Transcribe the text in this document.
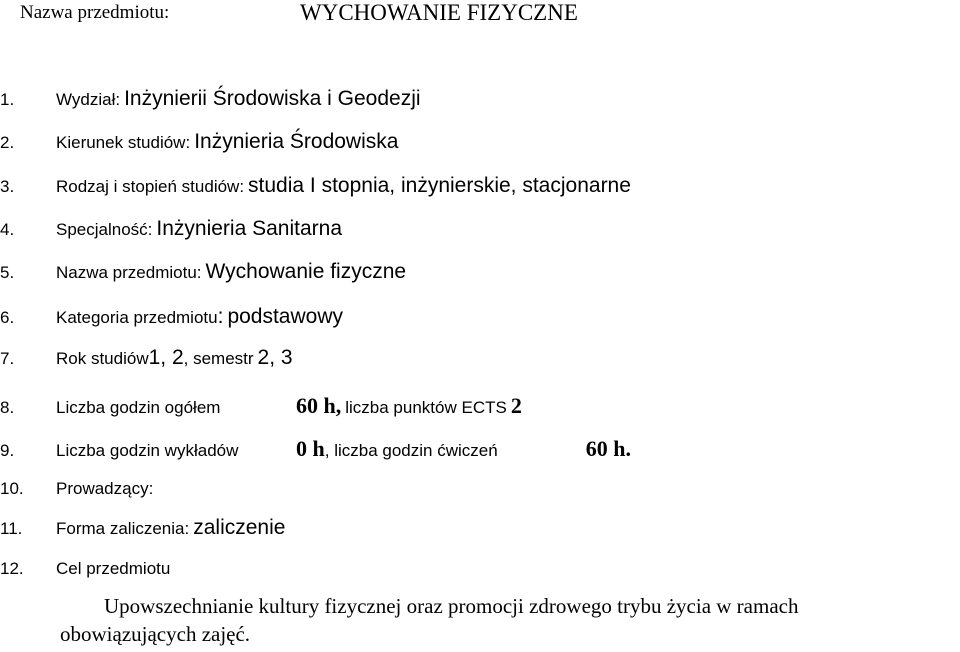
Nazwa przedmiotu:	WYCHOWANIE FIZYCZNE
1. Wydział: Inżynierii Środowiska i Geodezji
2. Kierunek studiów: Inżynieria Środowiska
3. Rodzaj i stopień studiów: studia I stopnia, inżynierskie, stacjonarne
4. Specjalność: Inżynieria Sanitarna
5. Nazwa przedmiotu: Wychowanie fizyczne
6. Kategoria przedmiotu: podstawowy
7. Rok studiów1, 2, semestr 2, 3
8. Liczba godzin ogółem	60 h, liczba punktów ECTS 2
9. Liczba godzin wykładów	0 h, liczba godzin ćwiczeń	60 h.
10. Prowadzący:
11. Forma zaliczenia: zaliczenie
12. Cel przedmiotu
Upowszechnianie kultury fizycznej oraz promocji zdrowego trybu życia w ramach
obowiązujących zajęć.
